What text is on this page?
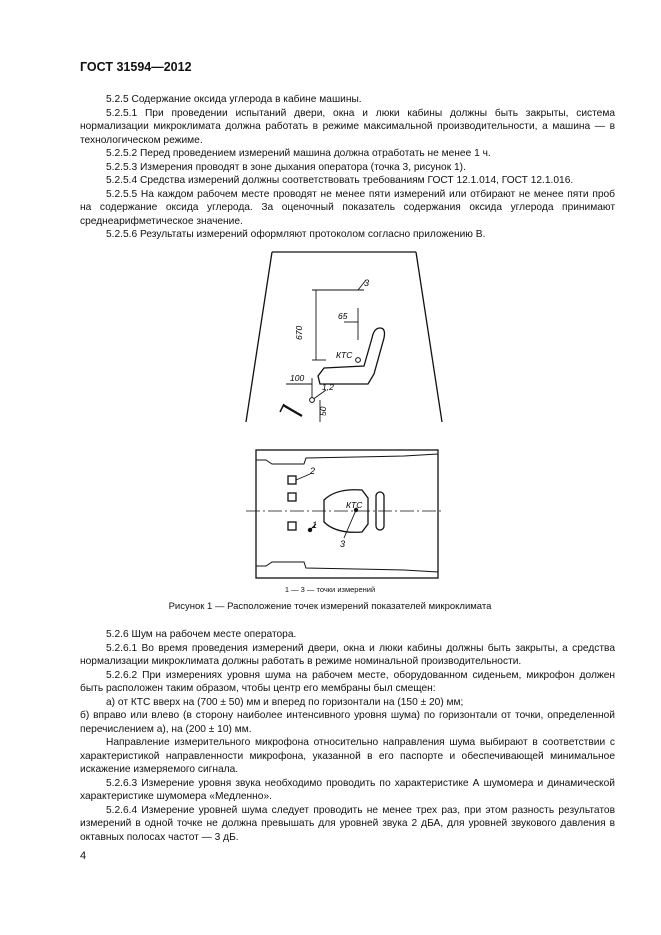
ГОСТ 31594—2012

5.2.5 Содержание оксида углерода в кабине машины.

5.2.5.1 При проведении испытаний двери, окна и люки кабины должны быть закрыты, система нормализации микроклимата должна работать в режиме максимальной производительности, а машина — в технологическом режиме.

5.2.5.2 Перед проведением измерений машина должна отработать не менее 1 ч.

5.2.5.3 Измерения проводят в зоне дыхания оператора (точка 3, рисунок 1).

5.2.5.4 Средства измерений должны соответствовать требованиям ГОСТ 12.1.014, ГОСТ 12.1.016.

5.2.5.5 На каждом рабочем месте проводят не менее пяти измерений или отбирают не менее пяти проб на содержание оксида углерода. За оценочный показатель содержания оксида углерода принимают среднеарифметическое значение.

5.2.5.6 Результаты измерений оформляют протоколом согласно приложению В.

670
65
КТС
3
100
1,2
50
2
1
КТС
3
1 — 3 — точки измерений
Рисунок 1 — Расположение точек измерений показателей микроклимата

5.2.6 Шум на рабочем месте оператора.

5.2.6.1 Во время проведения измерений двери, окна и люки кабины должны быть закрыты, а средства нормализации микроклимата должны работать в режиме номинальной производительности.

5.2.6.2 При измерениях уровня шума на рабочем месте, оборудованном сиденьем, микрофон должен быть расположен таким образом, чтобы центр его мембраны был смещен:

а) от КТС вверх на (700 ± 50) мм и вперед по горизонтали на (150 ± 20) мм;

б) вправо или влево (в сторону наиболее интенсивного уровня шума) по горизонтали от точки, определенной перечислением а), на (200 ± 10) мм.

Направление измерительного микрофона относительно направления шума выбирают в соответствии с характеристикой направленности микрофона, указанной в его паспорте и обеспечивающей минимальное искажение измеряемого сигнала.

5.2.6.3 Измерение уровня звука необходимо проводить по характеристике А шумомера и динамической характеристике шумомера «Медленно».

5.2.6.4 Измерение уровней шума следует проводить не менее трех раз, при этом разность результатов измерений в одной точке не должна превышать для уровней звука 2 дБА, для уровней звукового давления в октавных полосах частот — 3 дБ.

4
